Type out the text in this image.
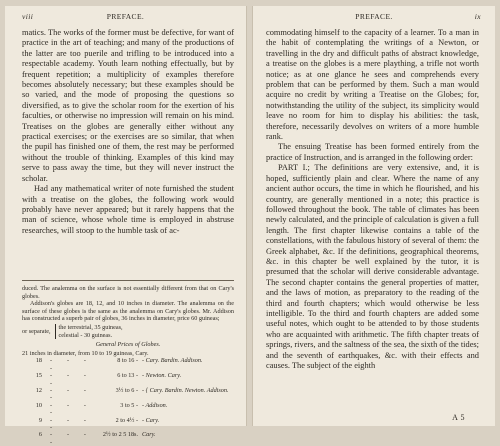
viii	PREFACE.

matics. The works of the former must be defective, for want of practice in the art of teaching; and many of the productions of the latter are too puerile and trifling to be introduced into a respectable academy. Youth learn nothing effectually, but by frequent repetition; a multiplicity of examples therefore becomes absolutely necessary; but these examples should be so varied, and the mode of proposing the questions so diversified, as to give the scholar room for the exertion of his faculties, or otherwise no impression will remain on his mind. Treatises on the globes are generally either without any practical exercises; or the exercises are so similar, that when the pupil has finished one of them, the rest may be performed without the trouble of thinking. Examples of this kind may serve to pass away the time, but they will never instruct the scholar.

Had any mathematical writer of note furnished the student with a treatise on the globes, the following work would probably have never appeared; but it rarely happens that the man of science, whose whole time is employed in abstruse researches, will stoop to the humble task of ac-

duced. The analemma on the surface is not essentially different from that on Cary's globes.

Addison's globes are 18, 12, and 10 inches in diameter. The analemma on the surface of these globes is the same as the analemma on Cary's globes. Mr. Addison has constructed a superb pair of globes, 36 inches in diameter, price 60 guineas;

or separate,
the terrestrial, 35 guineas,
celestial - 30 guineas.
General Prices of Globes.

21 inches in diameter, from 10 to 19 guineas, Cary.

18	- - - -	8 to 16 -	- Cary. Bardin. Addison.
15	- - - -	6 to 13 -	- Newton. Cary.
12	- - - -	3½ to 6 -	- { Cary. Bardin. Newton. Addison.
10	- - - -	3 to 5 -	- Addison.
9	- - - -	2 to 4½ -	- Cary.
6	- - - -	2½ to 2 5 18s.	Cary.
PREFACE.	ix

commodating himself to the capacity of a learner. To a man in the habit of contemplating the writings of a Newton, or travelling in the dry and difficult paths of abstract knowledge, a treatise on the globes is a mere plaything, a trifle not worth notice; as at one glance he sees and comprehends every problem that can be performed by them. Such a man would acquire no credit by writing a Treatise on the Globes; for, notwithstanding the utility of the subject, its simplicity would leave no room for him to display his abilities: the task, therefore, necessarily devolves on writers of a more humble rank.

The ensuing Treatise has been formed entirely from the practice of Instruction, and is arranged in the following order:

PART I.; The definitions are very extensive, and, it is hoped, sufficiently plain and clear. Where the name of any ancient author occurs, the time in which he flourished, and his country, are generally mentioned in a note; this practice is followed throughout the book. The table of climates has been newly calculated, and the principle of calculation is given a full length. The first chapter likewise contains a table of the constellations, with the fabulous history of several of them: the Greek alphabet, &c. If the definitions, geographical theorems, &c. in this chapter be well explained by the tutor, it is presumed that the scholar will derive considerable advantage. The second chapter contains the general properties of matter, and the laws of motion, as preparatory to the reading of the third and fourth chapters; which would otherwise be less intelligible. To the third and fourth chapters are added some useful notes, which ought to be attended to by those students who are acquainted with arithmetic. The fifth chapter treats of springs, rivers, and the saltness of the sea, the sixth of the tides; and the seventh of earthquakes, &c. with their effects and causes. The subject of the eighth

A 5
